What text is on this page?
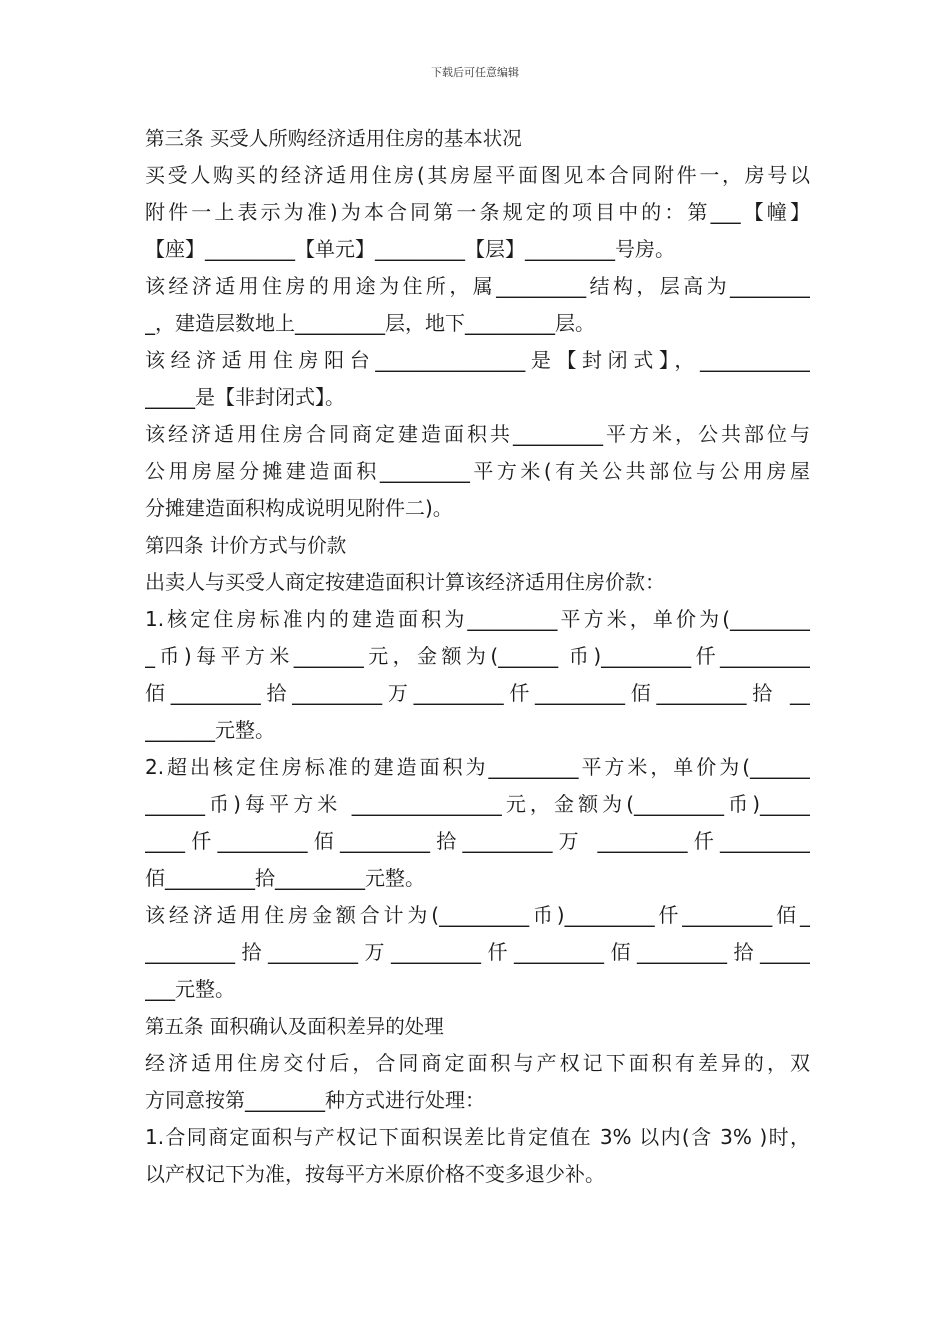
下载后可任意编辑
第三条 买受人所购经济适用住房的基本状况
买受人购买的经济适用住房(其房屋平面图见本合同附件一，房号以
附件一上表示为准)为本合同第一条规定的项目中的：第___【幢】
【座】_________【单元】_________【层】_________号房。
该经济适用住房的用途为住所，属_________结构，层高为________
_，建造层数地上_________层，地下_________层。
该经济适用住房阳台_______________是【封闭式】，___________
_____是【非封闭式】。
该经济适用住房合同商定建造面积共_________平方米，公共部位与
公用房屋分摊建造面积_________平方米(有关公共部位与公用房屋
分摊建造面积构成说明见附件二)。
第四条 计价方式与价款
出卖人与买受人商定按建造面积计算该经济适用住房价款：
1.核定住房标准内的建造面积为_________平方米，单价为(________
_币)每平方米_______元，金额为(______ 币)_________仟_________
佰_________拾_________万_________仟_________佰_________拾 __
_______元整。
2.超出核定住房标准的建造面积为_________平方米，单价为(______
______币)每平方米 _______________元，金额为(_________币)_____
____仟_________佰_________拾_________万 _________仟_________
佰_________拾_________元整。
该经济适用住房金额合计为(_________币)_________仟_________佰_
_________拾_________万_________仟_________佰_________拾_____
___元整。
第五条 面积确认及面积差异的处理
经济适用住房交付后，合同商定面积与产权记下面积有差异的，双
方同意按第________种方式进行处理：
1.合同商定面积与产权记下面积误差比肯定值在 3% 以内(含 3% )时，
以产权记下为准，按每平方米原价格不变多退少补。
